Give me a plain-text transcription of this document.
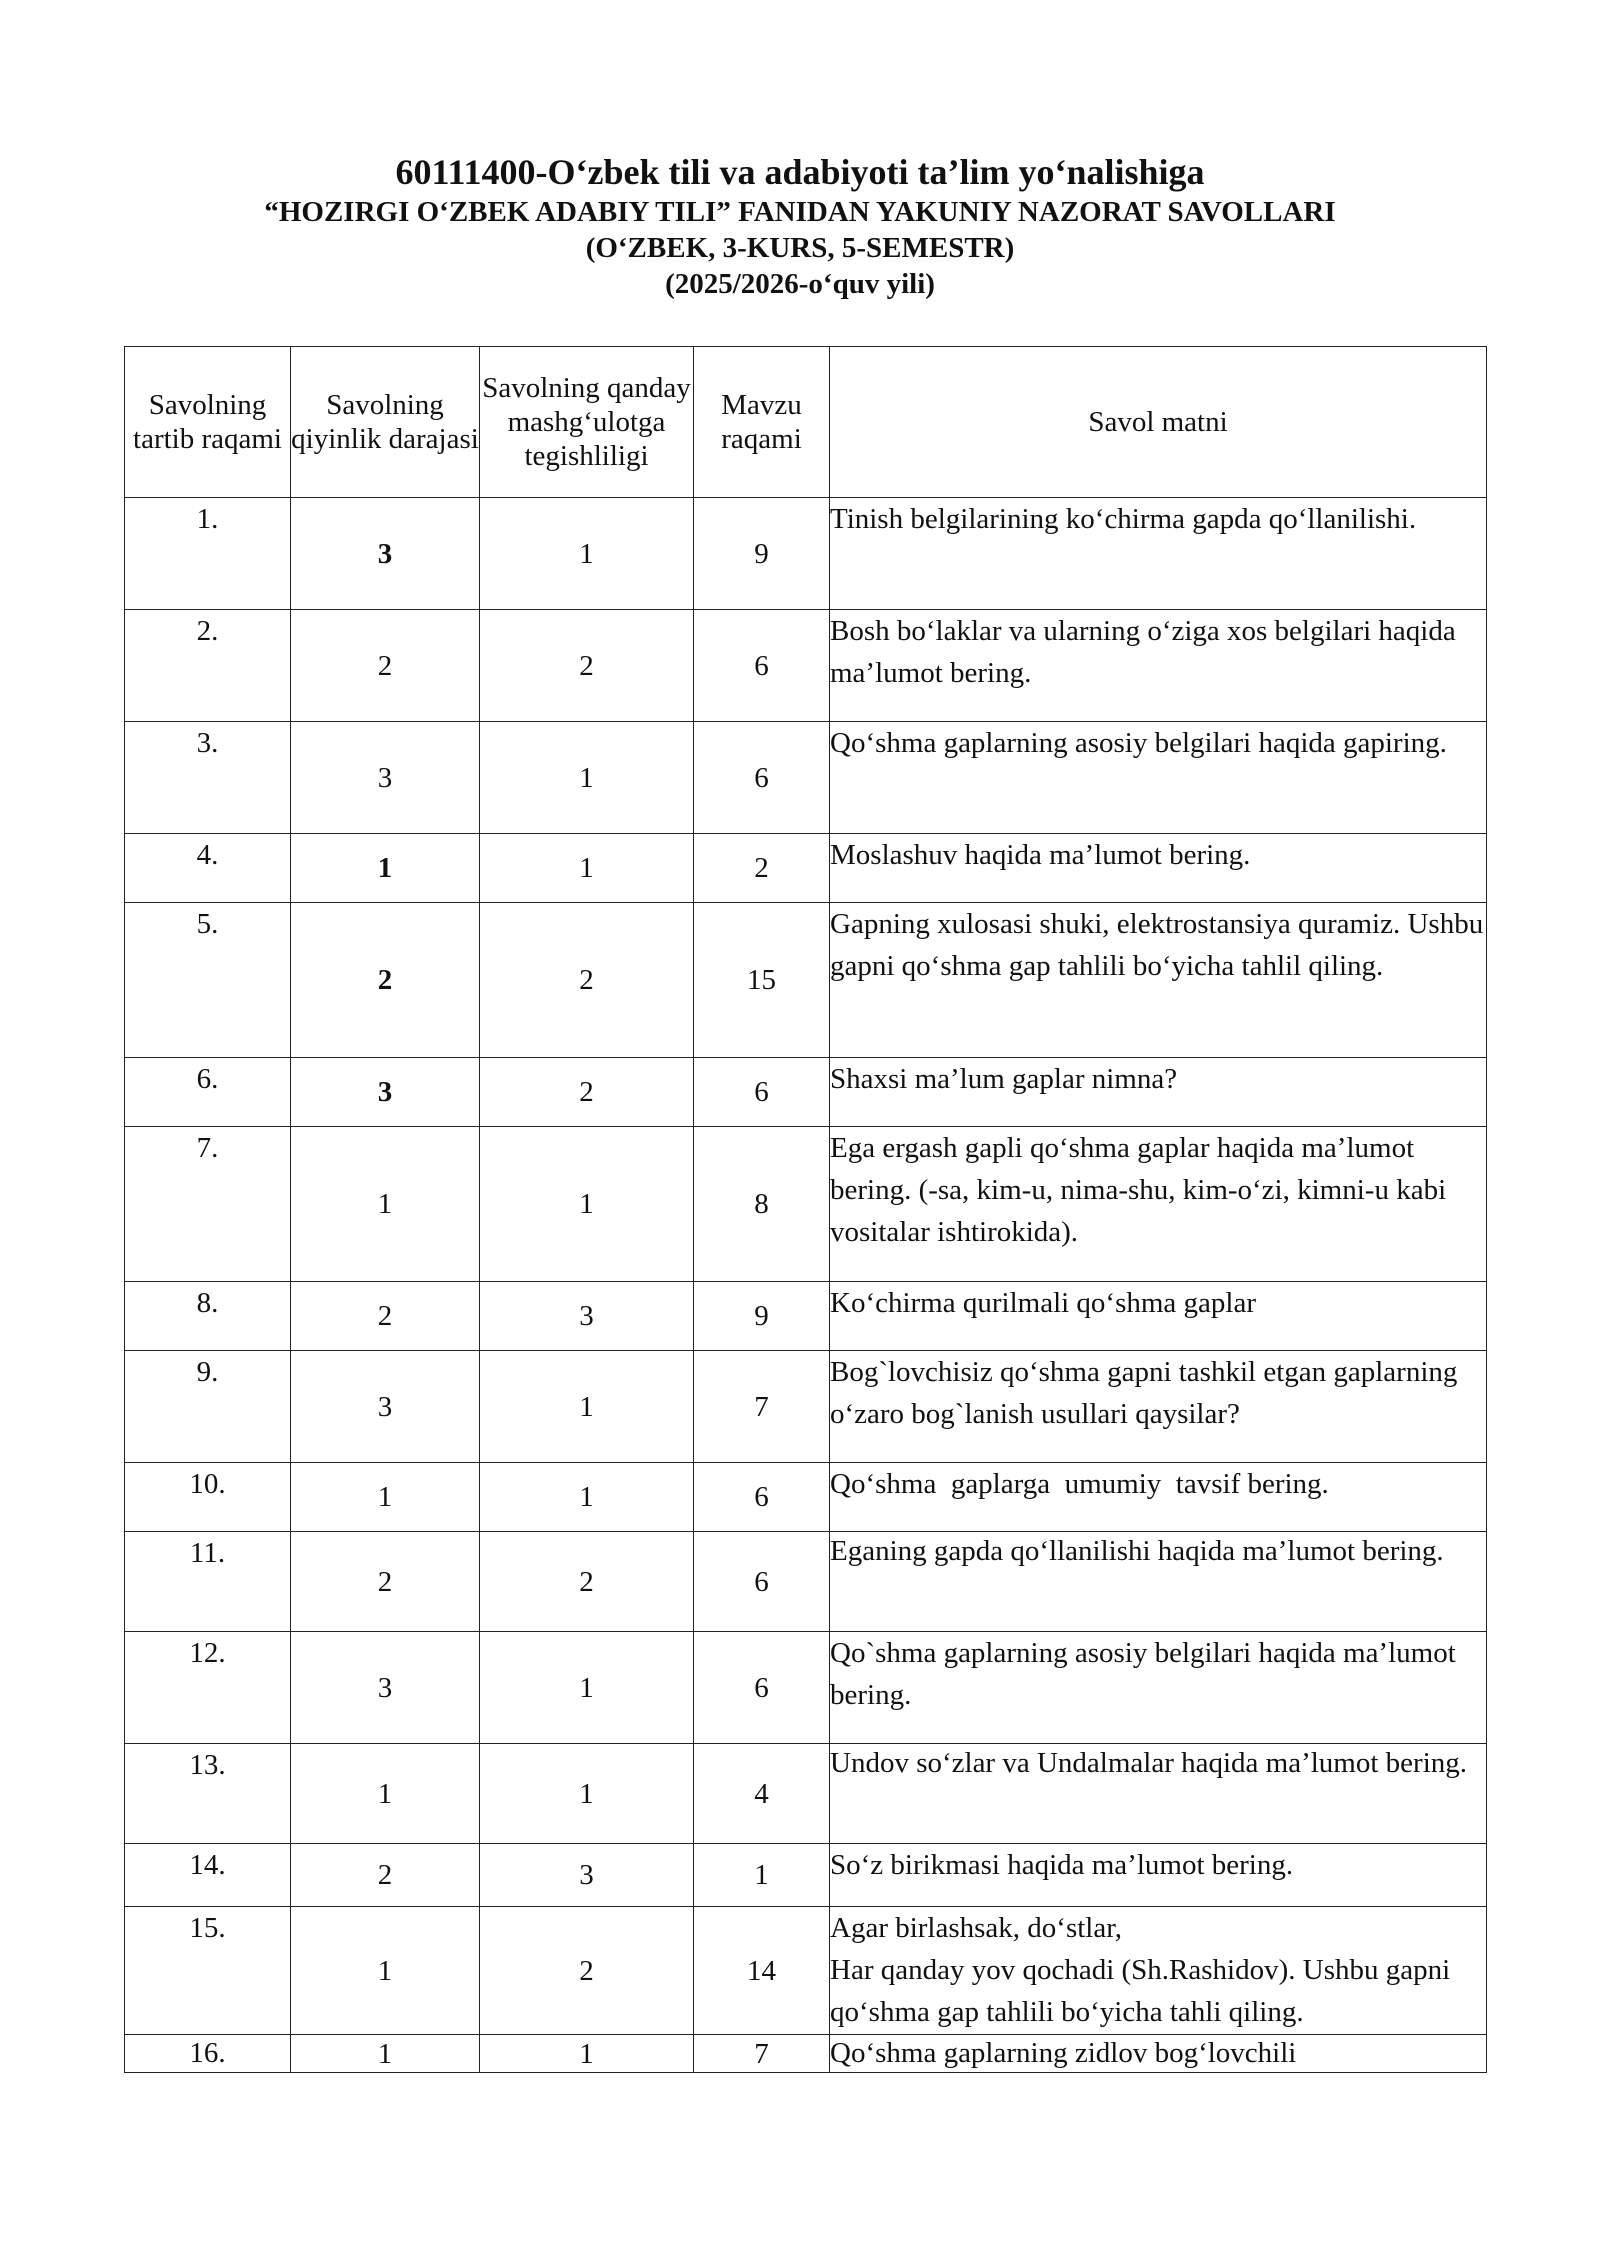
60111400-O‘zbek tili va adabiyoti ta’lim yo‘nalishiga
“HOZIRGI O‘ZBEK ADABIY TILI” FANIDAN YAKUNIY NAZORAT SAVOLLARI
(O‘ZBEK, 3-KURS, 5-SEMESTR)
(2025/2026-o‘quv yili)
Savolning tartib raqami	Savolning qiyinlik darajasi	Savolning qanday mashg‘ulotga tegishliligi	Mavzu raqami	Savol matni
1.	3	1	9	Tinish belgilarining ko‘chirma gapda qo‘llanilishi.
2.	2	2	6	Bosh bo‘laklar va ularning o‘ziga xos belgilari haqida ma’lumot bering.
3.	3	1	6	Qo‘shma gaplarning asosiy belgilari haqida gapiring.
4.	1	1	2	Moslashuv haqida ma’lumot bering.
5.	2	2	15	Gapning xulosasi shuki, elektrostansiya quramiz. Ushbu gapni qo‘shma gap tahlili bo‘yicha tahlil qiling.
6.	3	2	6	Shaxsi ma’lum gaplar nimna?
7.	1	1	8	Ega ergash gapli qo‘shma gaplar haqida ma’lumot bering. (-sa, kim-u, nima-shu, kim-o‘zi, kimni-u kabi vositalar ishtirokida).
8.	2	3	9	Ko‘chirma qurilmali qo‘shma gaplar
9.	3	1	7	Bog`lovchisiz qo‘shma gapni tashkil etgan gaplarning o‘zaro bog`lanish usullari qaysilar?
10.	1	1	6	Qo‘shma  gaplarga  umumiy  tavsif bering.
11.	2	2	6	Eganing gapda qo‘llanilishi haqida ma’lumot bering.
12.	3	1	6	Qo`shma gaplarning asosiy belgilari haqida ma’lumot bering.
13.	1	1	4	Undov so‘zlar va Undalmalar haqida ma’lumot bering.
14.	2	3	1	So‘z birikmasi haqida ma’lumot bering.
15.	1	2	14	Agar birlashsak, do‘stlar,
Har qanday yov qochadi (Sh.Rashidov). Ushbu gapni qo‘shma gap tahlili bo‘yicha tahli qiling.

16.	1	1	7	Qo‘shma gaplarning zidlov bog‘lovchili
